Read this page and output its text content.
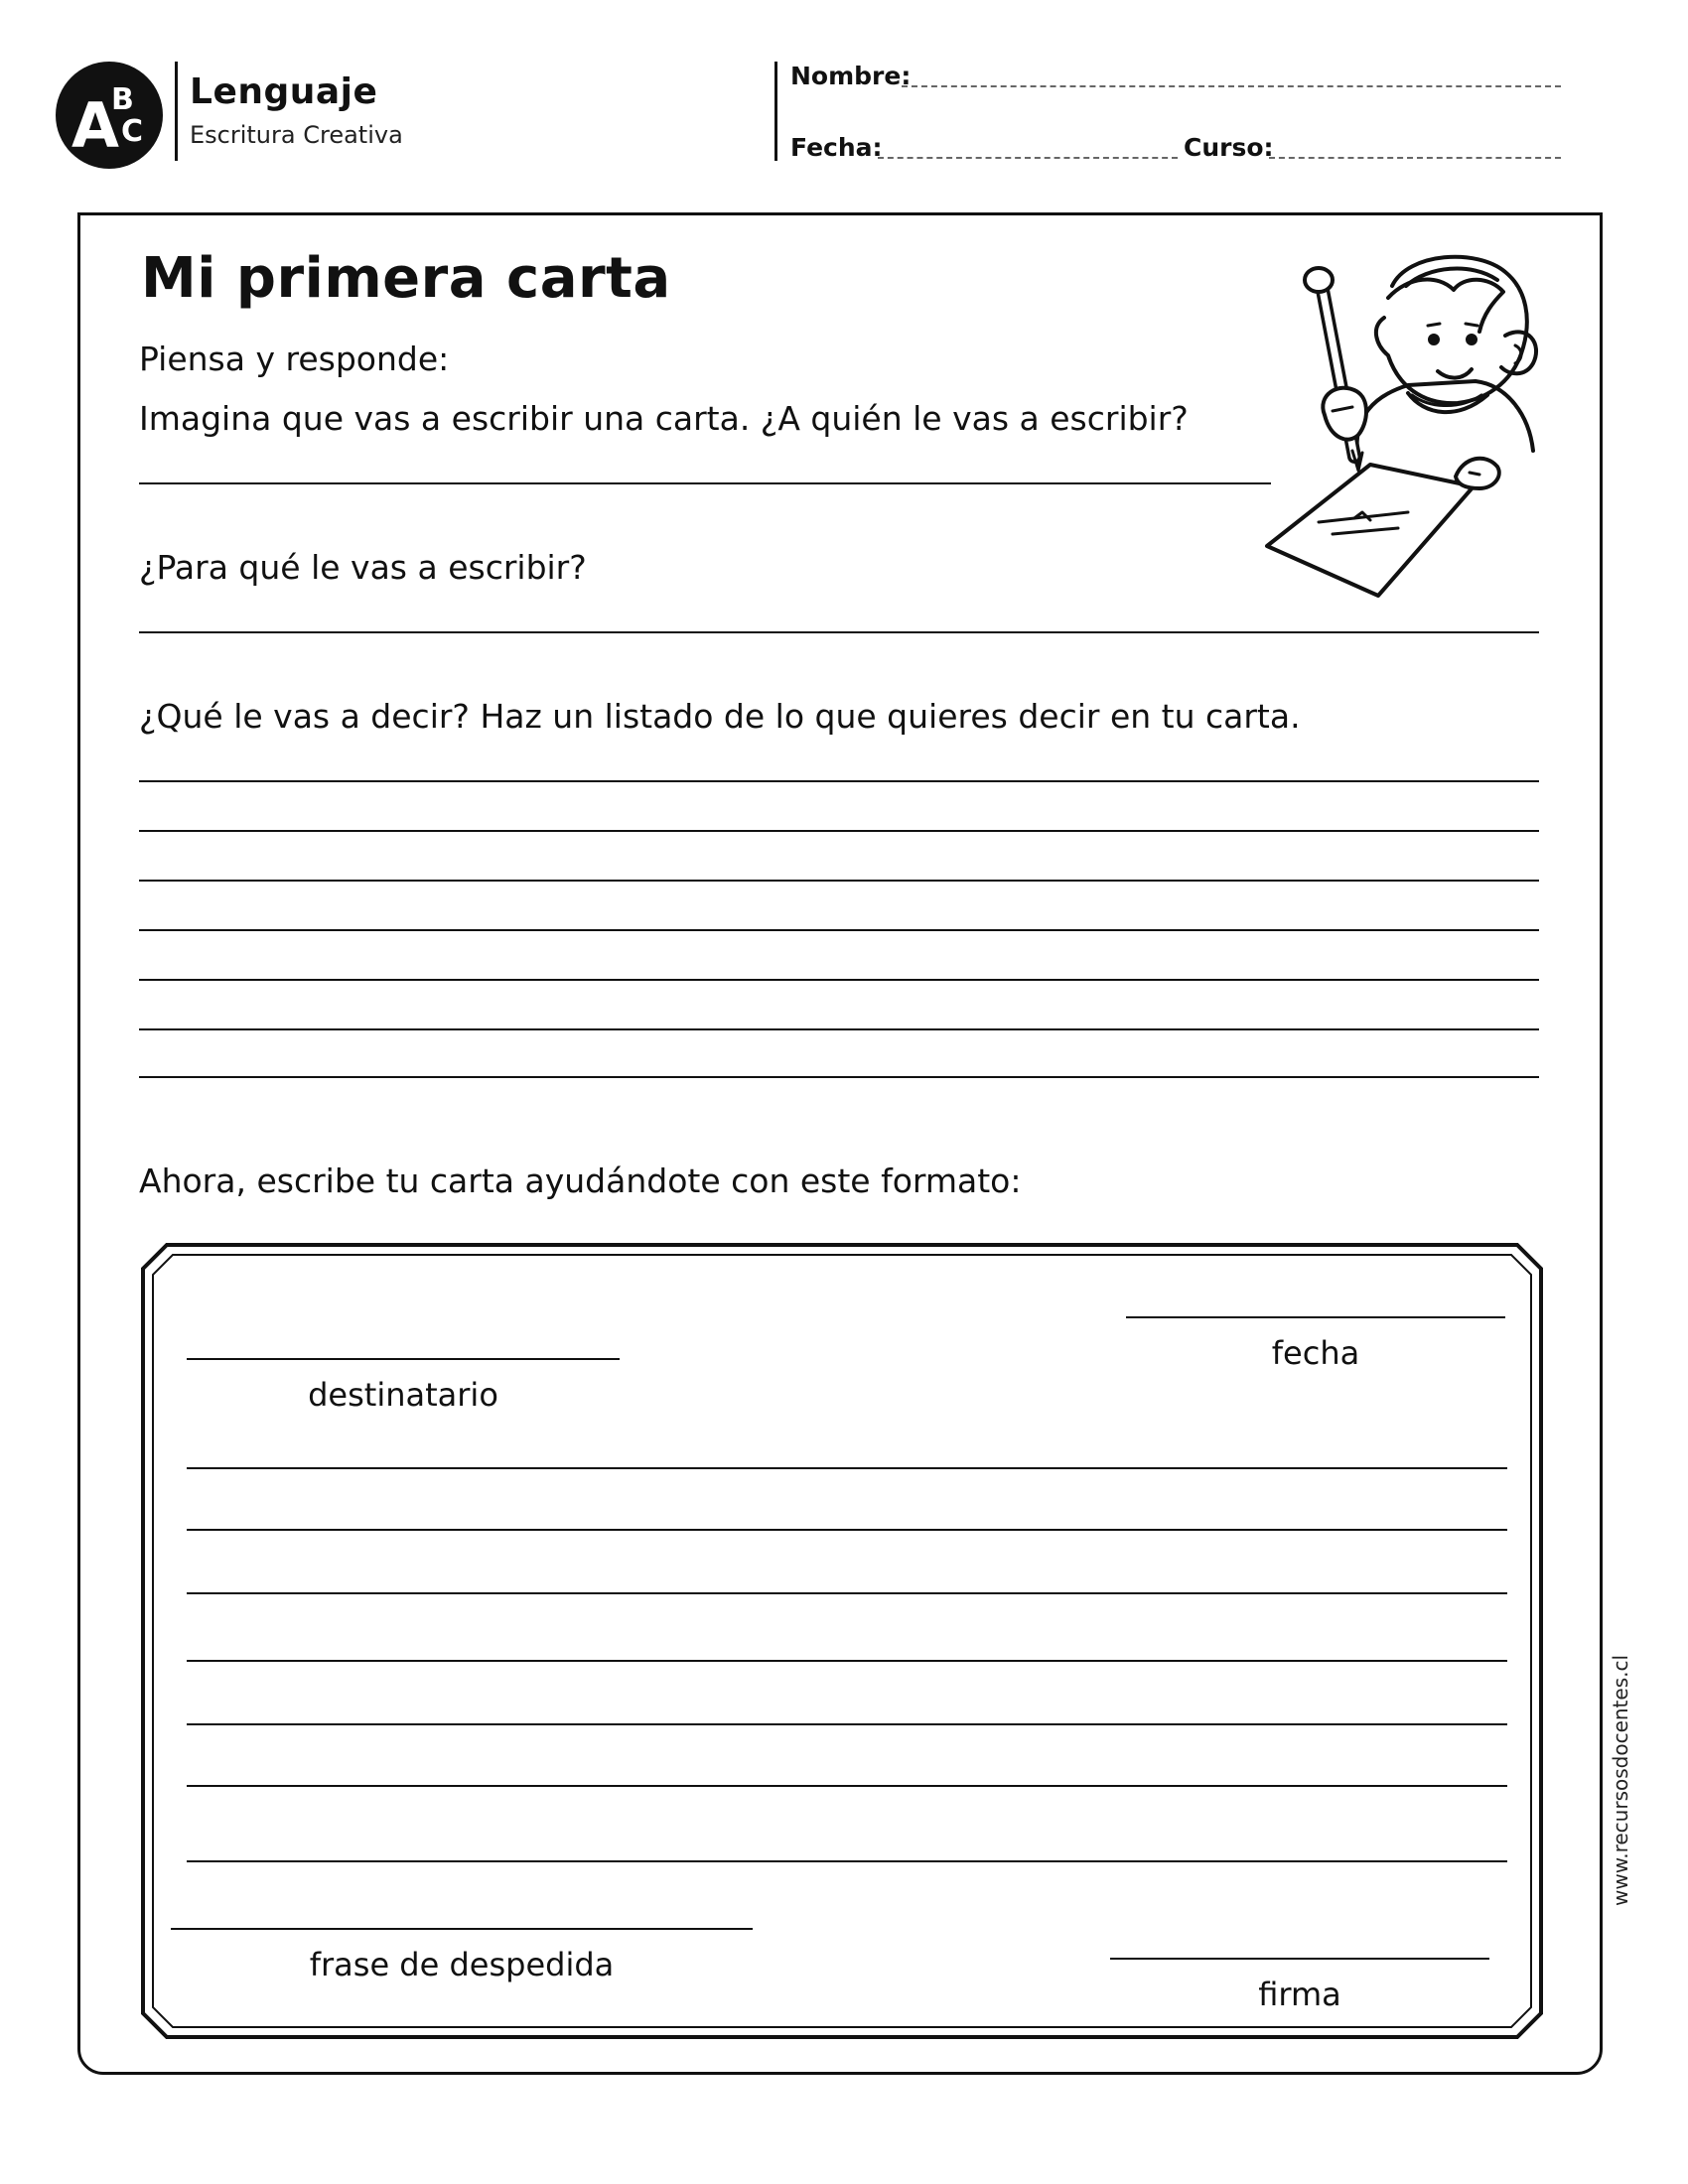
A
B
C
Lenguaje
Escritura Creativa
Nombre:
Fecha:	Curso:
Mi primera carta
Piensa y responde:
Imagina que vas a escribir una carta. ¿A quién le vas a escribir?
¿Para qué le vas a escribir?
¿Qué le vas a decir? Haz un listado de lo que quieres decir en tu carta.
Ahora, escribe tu carta ayudándote con este formato:
fecha
destinatario
frase de despedida
firma
www.recursosdocentes.cl
